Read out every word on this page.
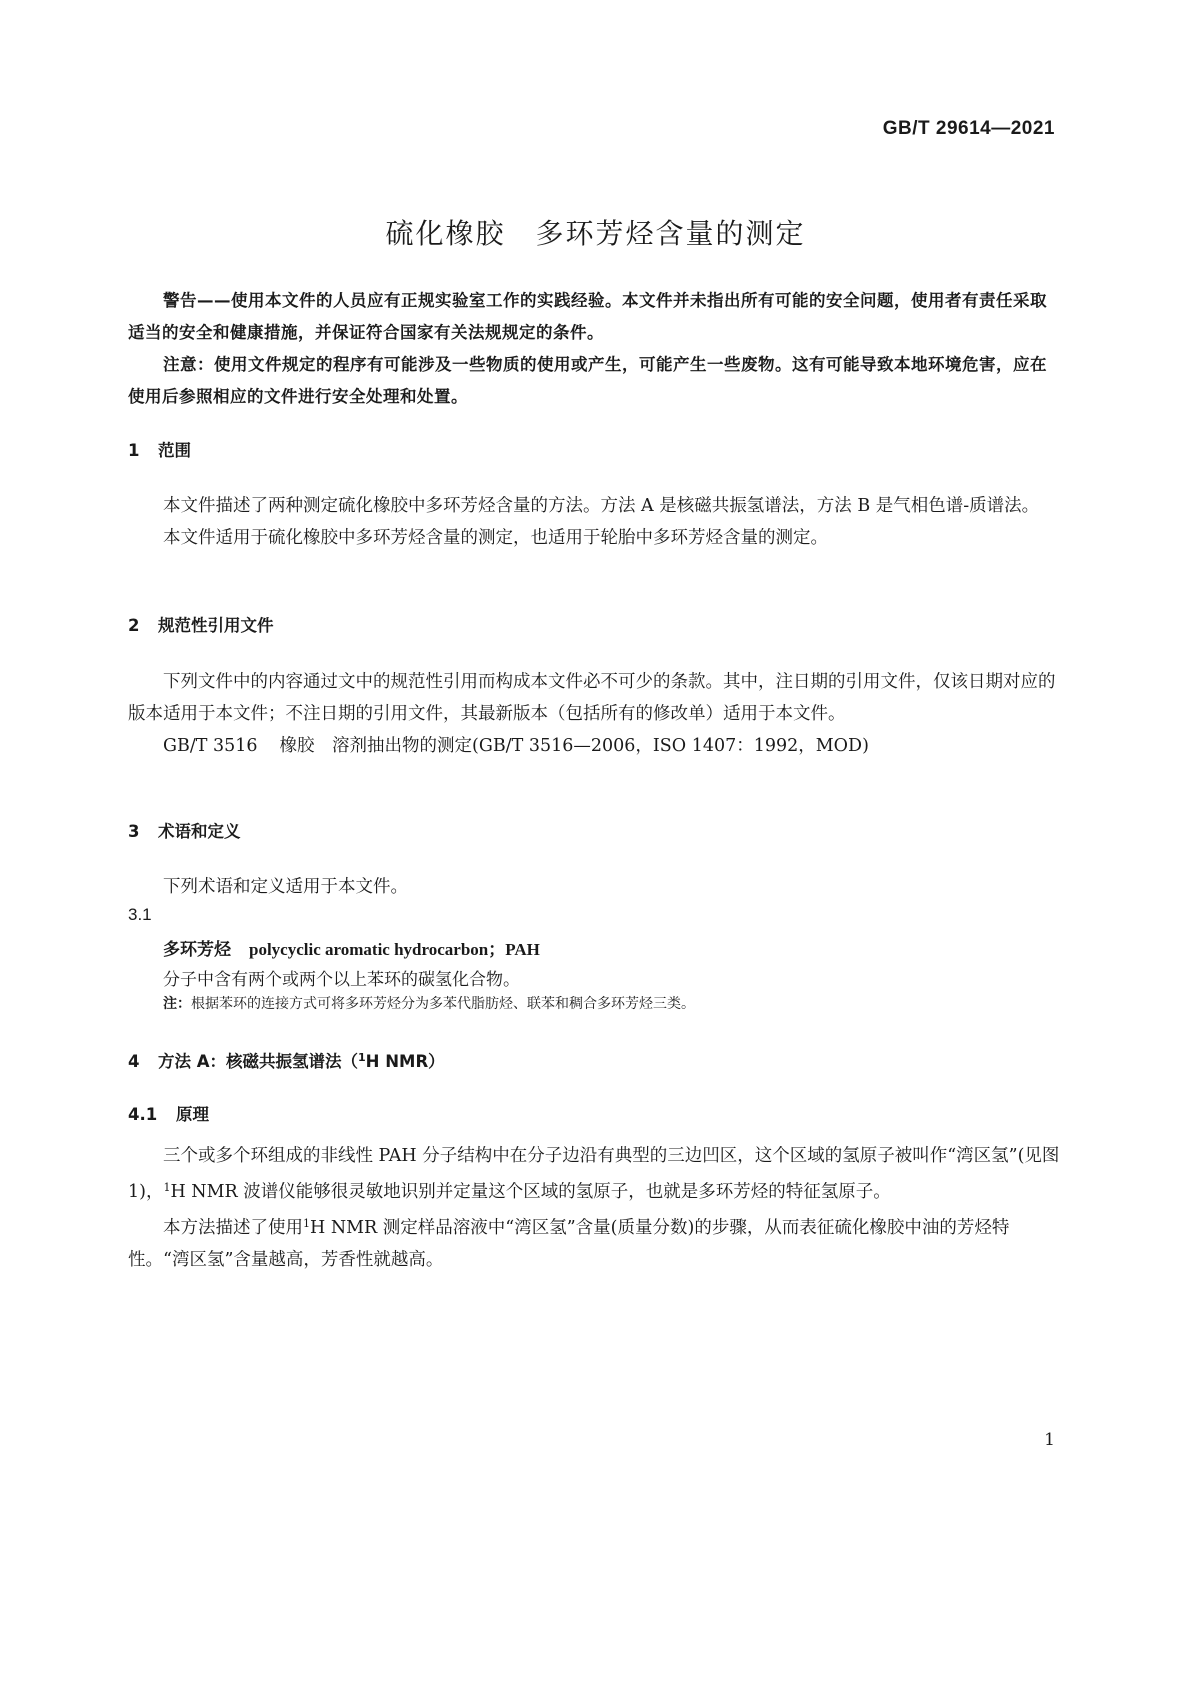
GB/T 29614—2021
硫化橡胶 多环芳烃含量的测定

警告——使用本文件的人员应有正规实验室工作的实践经验。本文件并未指出所有可能的安全问题，使用者有责任采取适当的安全和健康措施，并保证符合国家有关法规规定的条件。

注意：使用文件规定的程序有可能涉及一些物质的使用或产生，可能产生一些废物。这有可能导致本地环境危害，应在使用后参照相应的文件进行安全处理和处置。

1 范围

本文件描述了两种测定硫化橡胶中多环芳烃含量的方法。方法 A 是核磁共振氢谱法，方法 B 是气相色谱-质谱法。

本文件适用于硫化橡胶中多环芳烃含量的测定，也适用于轮胎中多环芳烃含量的测定。

2 规范性引用文件

下列文件中的内容通过文中的规范性引用而构成本文件必不可少的条款。其中，注日期的引用文件，仅该日期对应的版本适用于本文件；不注日期的引用文件，其最新版本（包括所有的修改单）适用于本文件。

GB/T 3516 橡胶　溶剂抽出物的测定(GB/T 3516—2006，ISO 1407：1992，MOD)

3 术语和定义

下列术语和定义适用于本文件。

3.1
多环芳烃 polycyclic aromatic hydrocarbon；PAH
分子中含有两个或两个以上苯环的碳氢化合物。
注：根据苯环的连接方式可将多环芳烃分为多苯代脂肪烃、联苯和稠合多环芳烃三类。
4 方法 A：核磁共振氢谱法（$^1$H NMR）
4.1 原理

三个或多个环组成的非线性 PAH 分子结构中在分子边沿有典型的三边凹区，这个区域的氢原子被叫作“湾区氢”(见图 1)，$^1$H NMR 波谱仪能够很灵敏地识别并定量这个区域的氢原子，也就是多环芳烃的特征氢原子。

本方法描述了使用$^1$H NMR 测定样品溶液中“湾区氢”含量(质量分数)的步骤，从而表征硫化橡胶中油的芳烃特性。“湾区氢”含量越高，芳香性就越高。

1
